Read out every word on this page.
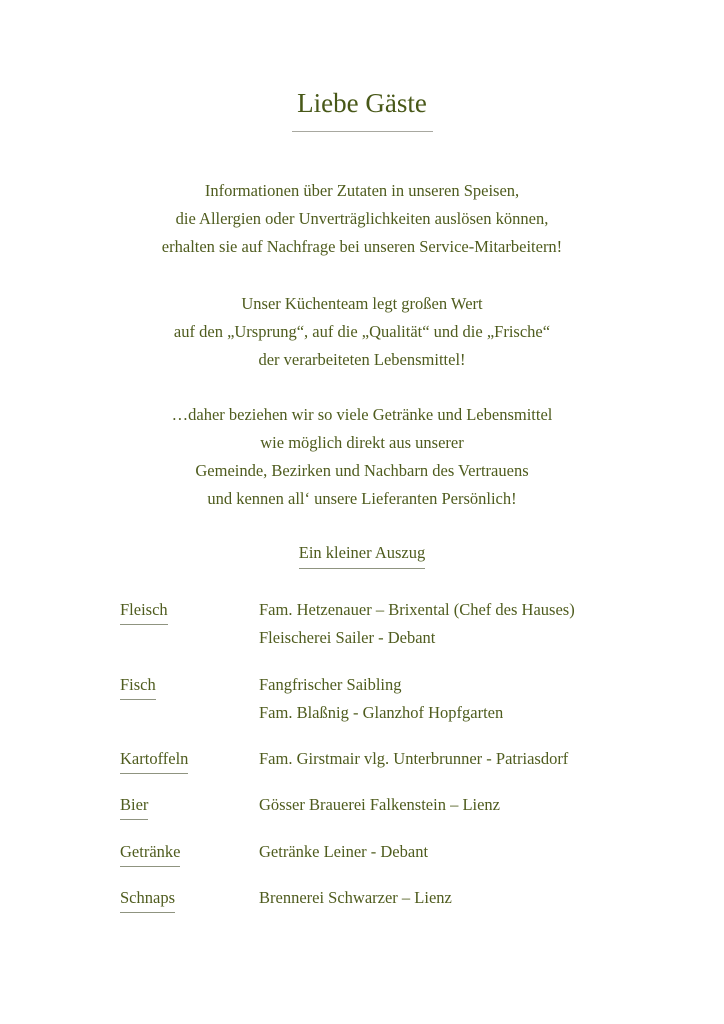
Liebe Gäste
Informationen über Zutaten in unseren Speisen,
die Allergien oder Unverträglichkeiten auslösen können,
erhalten sie auf Nachfrage bei unseren Service-Mitarbeitern!
Unser Küchenteam legt großen Wert
auf den „Ursprung“, auf die „Qualität“ und die „Frische“
der verarbeiteten Lebensmittel!
…daher beziehen wir so viele Getränke und Lebensmittel
wie möglich direkt aus unserer
Gemeinde, Bezirken und Nachbarn des Vertrauens
und kennen all‘ unsere Lieferanten Persönlich!
Ein kleiner Auszug
Fleisch	Fam. Hetzenauer – Brixental (Chef des Hauses)
Fleischerei Sailer - Debant
Fisch	Fangfrischer Saibling
Fam. Blaßnig - Glanzhof Hopfgarten
Kartoffeln	Fam. Girstmair vlg. Unterbrunner - Patriasdorf
Bier	Gösser Brauerei Falkenstein – Lienz
Getränke	Getränke Leiner - Debant
Schnaps	Brennerei Schwarzer – Lienz
